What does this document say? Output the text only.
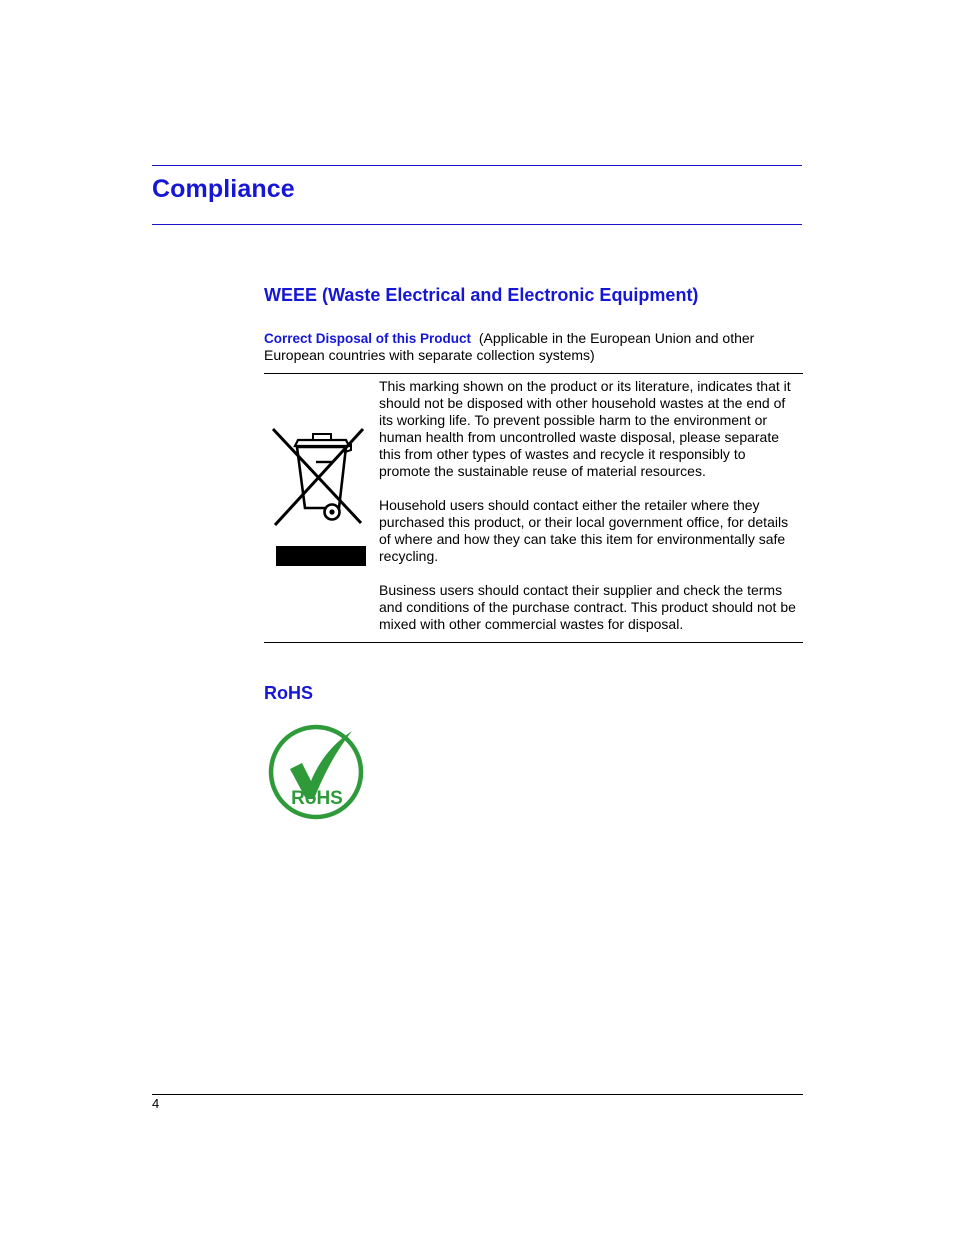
Compliance
WEEE (Waste Electrical and Electronic Equipment)
Correct Disposal of this Product (Applicable in the European Union and other European countries with separate collection systems)

This marking shown on the product or its literature, indicates that it should not be disposed with other household wastes at the end of its working life. To prevent possible harm to the environment or human health from uncontrolled waste disposal, please separate this from other types of wastes and recycle it responsibly to promote the sustainable reuse of material resources.

Household users should contact either the retailer where they purchased this product, or their local government office, for details of where and how they can take this item for environmentally safe recycling.

Business users should contact their supplier and check the terms and conditions of the purchase contract. This product should not be mixed with other commercial wastes for disposal.

RoHS
RoHS
4
